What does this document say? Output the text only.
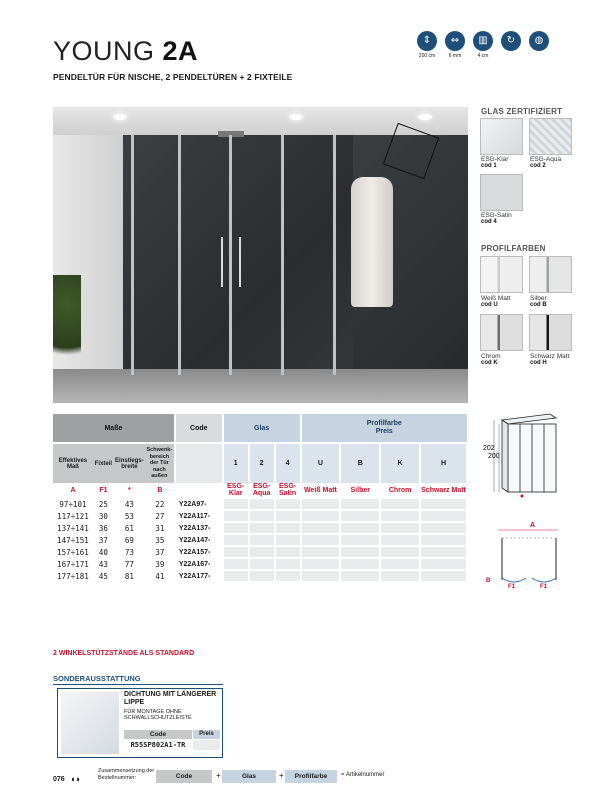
YOUNG 2A
PENDELTÜR FÜR NISCHE, 2 PENDELTÜREN + 2 FIXTEILE
⇕
200 cm
⇔
6 mm
▥
4 cm
↻	◍
GLAS ZERTIFIZIERT
ESG-Klar
cod 1
ESG-Aqua
cod 2
ESG-Satin
cod 4
PROFILFARBEN
Weiß Matt
cod U
Silber
cod B
Chrom
cod K
Schwarz Matt
cod H
Maße				Code	Glas			Profilfarbe
Preis			
Effektives Maß	Fixteil	Einstiegs-breite	Schwenk-bereich der Tür nach außen		1	2	4	U	B	K	H
A	F1	*	B		ESG-Klar	ESG-Aqua	ESG-Satin	Weiß Matt	Silber	Chrom	Schwarz Matt
97÷101	25	43	22	Y22A97-							
117÷121	30	53	27	Y22A117-							
137÷141	36	61	31	Y22A137-							
147÷151	37	69	35	Y22A147-							
157÷161	40	73	37	Y22A157-							
167÷171	43	77	39	Y22A167-							
177÷181	45	81	41	Y22A177-							
202
200
A
F1	F1
B
2 WINKELSTÜTZSTÄNDE ALS STANDARD
SONDERAUSSTATTUNG
DICHTUNG MIT LÄNGERER LIPPE
FÜR MONTAGE OHNE SCHWALLSCHUTZLEISTE
Code	Preis
R55SP802A1-TR
076 ◖◗
Zusammensetzung der Bestellnummer:	Code	+	Glas	+	Profilfarbe	= Artikelnummer
